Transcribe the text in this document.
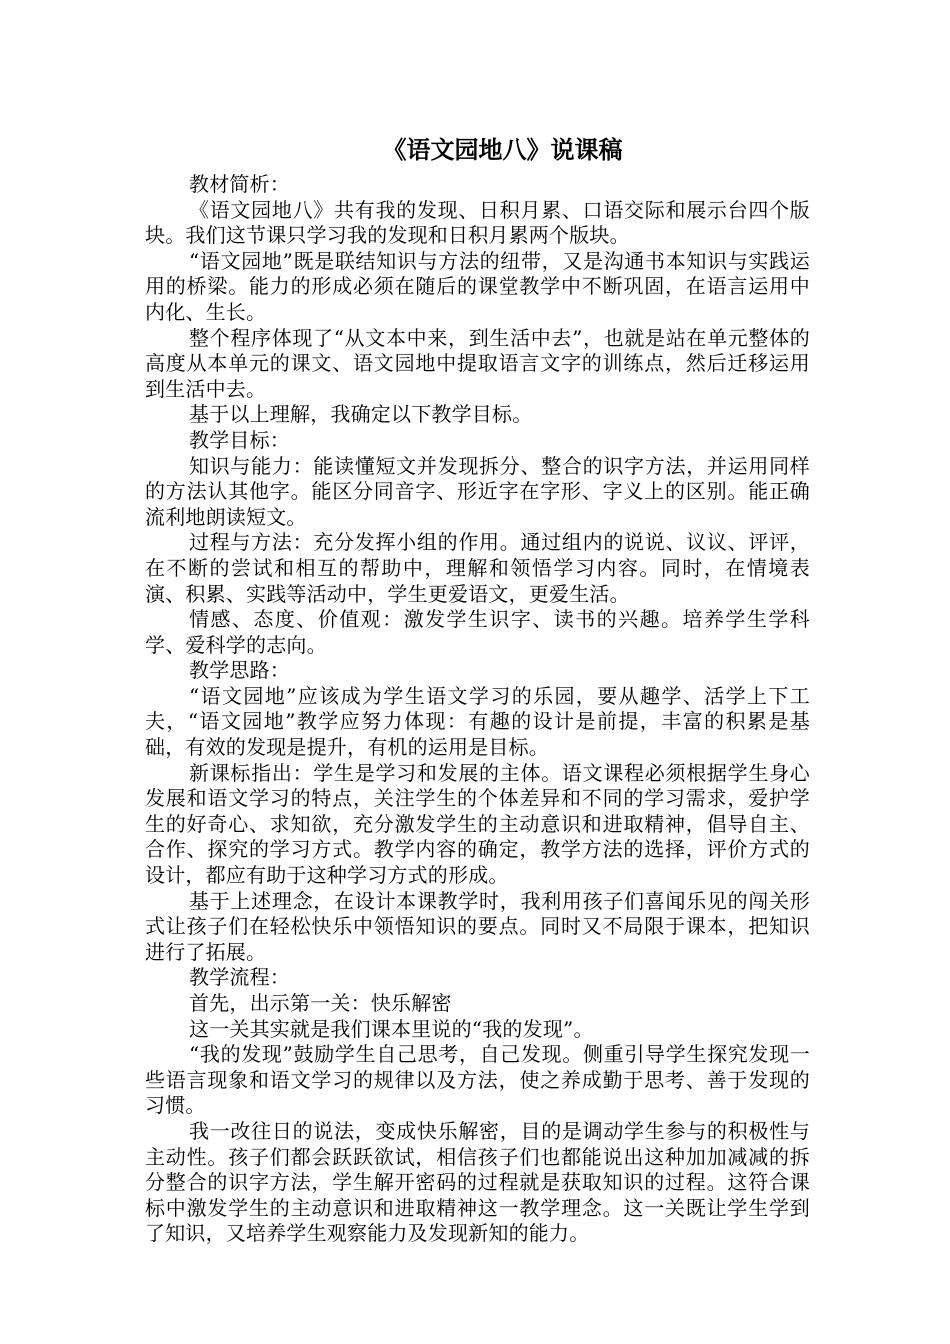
《语文园地八》说课稿

教材简析：

《语文园地八》共有我的发现、日积月累、口语交际和展示台四个版块。我们这节课只学习我的发现和日积月累两个版块。

“语文园地”既是联结知识与方法的纽带，又是沟通书本知识与实践运用的桥梁。能力的形成必须在随后的课堂教学中不断巩固，在语言运用中内化、生长。

整个程序体现了“从文本中来，到生活中去”，也就是站在单元整体的高度从本单元的课文、语文园地中提取语言文字的训练点，然后迁移运用到生活中去。

基于以上理解，我确定以下教学目标。

教学目标：

知识与能力：能读懂短文并发现拆分、整合的识字方法，并运用同样的方法认其他字。能区分同音字、形近字在字形、字义上的区别。能正确流利地朗读短文。

过程与方法：充分发挥小组的作用。通过组内的说说、议议、评评，在不断的尝试和相互的帮助中，理解和领悟学习内容。同时，在情境表演、积累、实践等活动中，学生更爱语文，更爱生活。

情感、态度、价值观：激发学生识字、读书的兴趣。培养学生学科学、爱科学的志向。

教学思路：

“语文园地”应该成为学生语文学习的乐园，要从趣学、活学上下工夫，“语文园地”教学应努力体现：有趣的设计是前提，丰富的积累是基础，有效的发现是提升，有机的运用是目标。

新课标指出：学生是学习和发展的主体。语文课程必须根据学生身心发展和语文学习的特点，关注学生的个体差异和不同的学习需求，爱护学生的好奇心、求知欲，充分激发学生的主动意识和进取精神，倡导自主、合作、探究的学习方式。教学内容的确定，教学方法的选择，评价方式的设计，都应有助于这种学习方式的形成。

基于上述理念，在设计本课教学时，我利用孩子们喜闻乐见的闯关形式让孩子们在轻松快乐中领悟知识的要点。同时又不局限于课本，把知识进行了拓展。

教学流程：

首先，出示第一关：快乐解密

这一关其实就是我们课本里说的“我的发现”。

“我的发现”鼓励学生自己思考，自己发现。侧重引导学生探究发现一些语言现象和语文学习的规律以及方法，使之养成勤于思考、善于发现的习惯。

我一改往日的说法，变成快乐解密，目的是调动学生参与的积极性与主动性。孩子们都会跃跃欲试，相信孩子们也都能说出这种加加减减的拆分整合的识字方法，学生解开密码的过程就是获取知识的过程。这符合课标中激发学生的主动意识和进取精神这一教学理念。这一关既让学生学到了知识，又培养学生观察能力及发现新知的能力。
